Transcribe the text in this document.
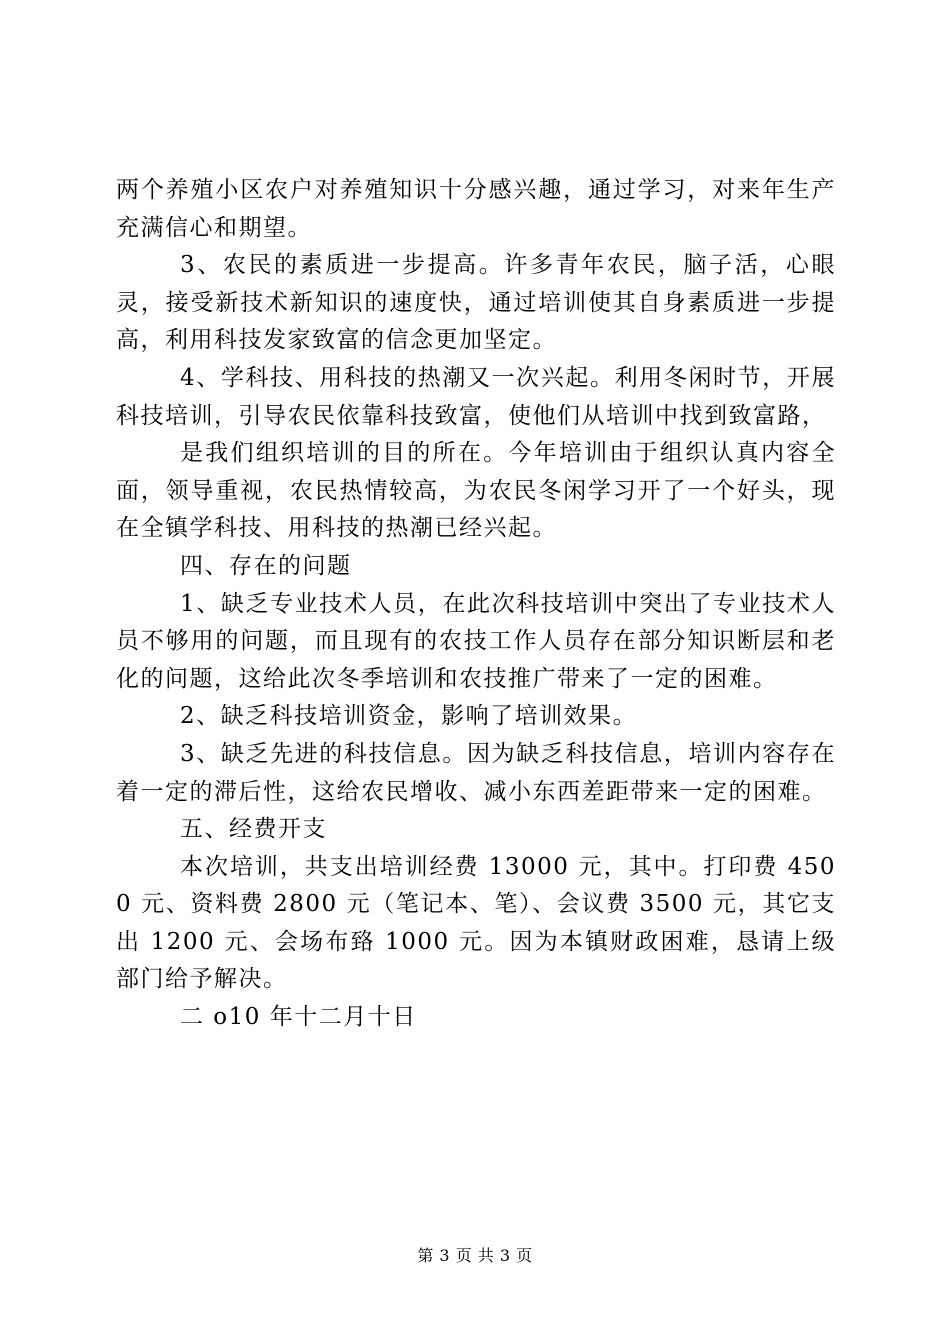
两个养殖小区农户对养殖知识十分感兴趣，通过学习，对来年生产充满信心和期望。

3、农民的素质进一步提高。许多青年农民，脑子活，心眼灵，接受新技术新知识的速度快，通过培训使其自身素质进一步提高，利用科技发家致富的信念更加坚定。

4、学科技、用科技的热潮又一次兴起。利用冬闲时节，开展科技培训，引导农民依靠科技致富，使他们从培训中找到致富路，

是我们组织培训的目的所在。今年培训由于组织认真内容全面，领导重视，农民热情较高，为农民冬闲学习开了一个好头，现在全镇学科技、用科技的热潮已经兴起。

四、存在的问题

1、缺乏专业技术人员，在此次科技培训中突出了专业技术人员不够用的问题，而且现有的农技工作人员存在部分知识断层和老化的问题，这给此次冬季培训和农技推广带来了一定的困难。

2、缺乏科技培训资金，影响了培训效果。

3、缺乏先进的科技信息。因为缺乏科技信息，培训内容存在着一定的滞后性，这给农民增收、减小东西差距带来一定的困难。

五、经费开支

本次培训，共支出培训经费 13000 元，其中。打印费 4500 元、资料费 2800 元（笔记本、笔）、会议费 3500 元，其它支出 1200 元、会场布臵 1000 元。因为本镇财政困难，恳请上级部门给予解决。

二 o10 年十二月十日

第 3 页 共 3 页
